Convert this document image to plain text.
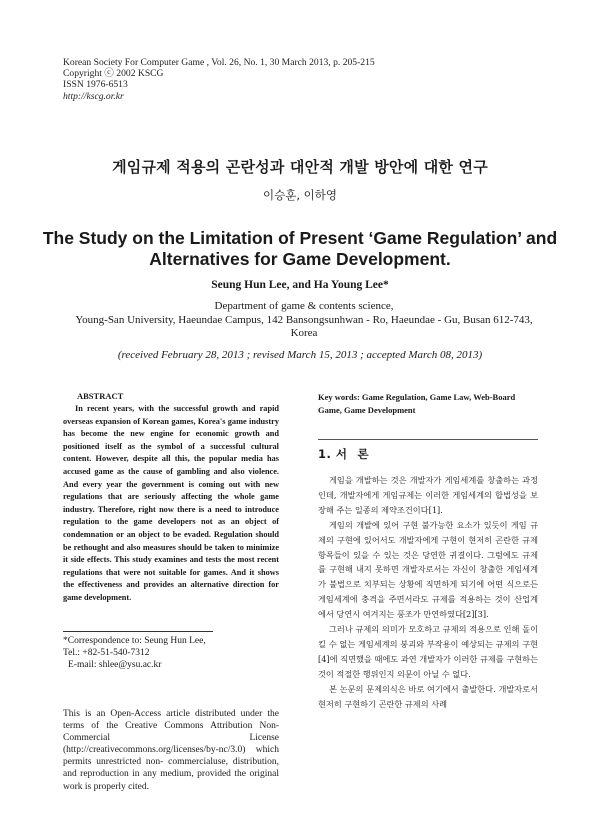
Korean Society For Computer Game , Vol. 26, No. 1, 30 March 2013, p. 205-215
Copyright ⓒ 2002 KSCG
ISSN 1976-6513
http://kscg.or.kr
게임규제 적용의 곤란성과 대안적 개발 방안에 대한 연구
이승훈, 이하영
The Study on the Limitation of Present ‘Game Regulation’ and Alternatives for Game Development.
Seung Hun Lee, and Ha Young Lee*
Department of game & contents science,
Young-San University, Haeundae Campus, 142 Bansongsunhwan - Ro, Haeundae - Gu, Busan 612-743, Korea
(received February 28, 2013 ; revised March 15, 2013 ; accepted March 08, 2013)
ABSTRACT

In recent years, with the successful growth and rapid overseas expansion of Korean games, Korea's game industry has become the new engine for economic growth and positioned itself as the symbol of a successful cultural content. However, despite all this, the popular media has accused game as the cause of gambling and also violence. And every year the government is coming out with new regulations that are seriously affecting the whole game industry. Therefore, right now there is a need to introduce regulation to the game developers not as an object of condemnation or an object to be evaded. Regulation should be rethought and also measures should be taken to minimize it side effects. This study examines and tests the most recent regulations that were not suitable for games. And it shows the effectiveness and provides an alternative direction for game development.

*Correspondence to: Seung Hun Lee,
Tel.: +82-51-540-7312
E-mail: shlee@ysu.ac.kr

This is an Open-Access article distributed under the terms of the Creative Commons Attribution Non-Commercial License (http://creativecommons.org/licenses/by-nc/3.0) which permits unrestricted non- commercialuse, distribution, and reproduction in any medium, provided the original work is properly cited.

Key words: Game Regulation, Game Law, Web-Board Game, Game Development

1. 서 론

게임을 개발하는 것은 개발자가 게임세계를 창출하는 과정인데, 개발자에게 게임규제는 이러한 게임세계의 합법성을 보장해 주는 일종의 제약조건이다[1].

게임의 개발에 있어 구현 불가능한 요소가 있듯이 게임 규제의 구현에 있어서도 개발자에게 구현이 현저히 곤란한 규제 항목들이 있을 수 있는 것은 당연한 귀결이다. 그럼에도 규제를 구현해 내지 못하면 개발자로서는 자신이 창출한 게임세계가 불법으로 치부되는 상황에 직면하게 되기에 어떤 식으로든 게임세계에 충격을 주면서라도 규제를 적용하는 것이 산업계에서 당연시 여겨지는 풍조가 만연하였다[2][3].

그러나 규제의 의미가 모호하고 규제의 적용으로 인해 돌이킬 수 없는 게임세계의 붕괴와 부작용이 예상되는 규제의 구현[4]에 직면했을 때에도 과연 개발자가 이러한 규제를 구현하는 것이 적절한 행위인지 의문이 아닐 수 없다.

본 논문의 문제의식은 바로 여기에서 출발한다. 개발자로서 현저히 구현하기 곤란한 규제의 사례
